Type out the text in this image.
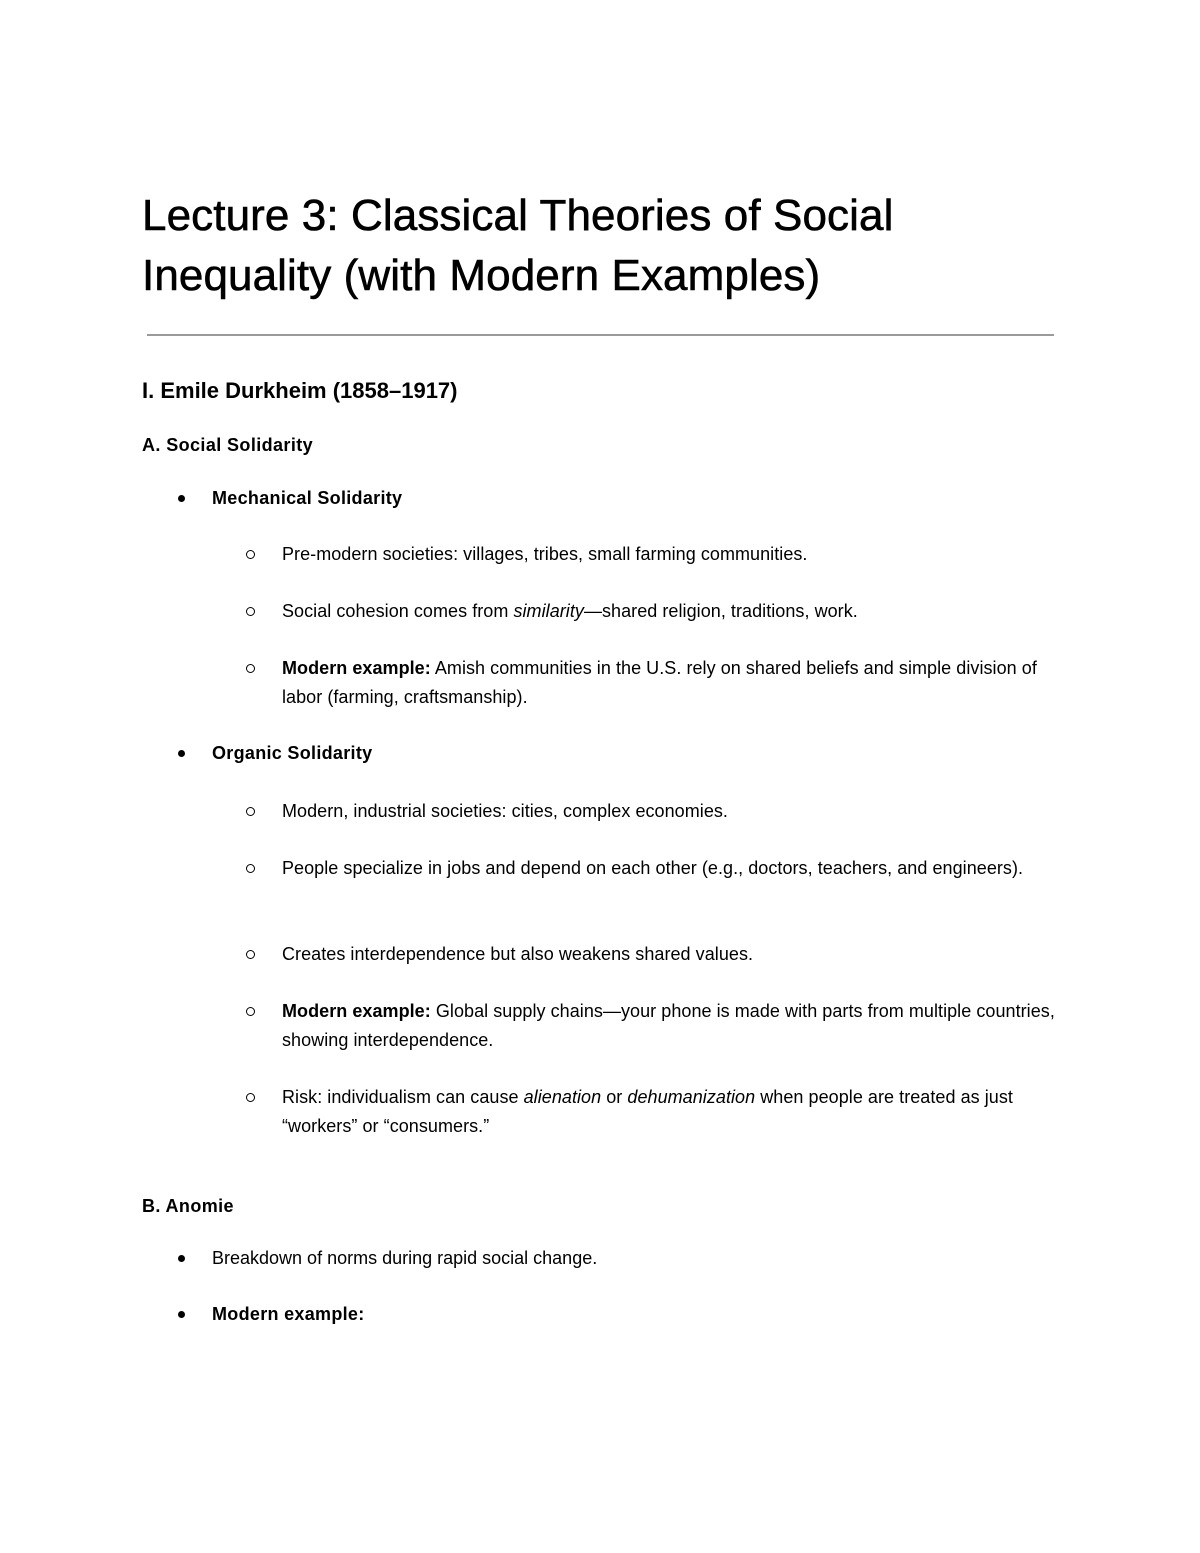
Lecture 3: Classical Theories of Social Inequality (with Modern Examples)
I. Emile Durkheim (1858–1917)
A. Social Solidarity
Mechanical Solidarity
Pre-modern societies: villages, tribes, small farming communities.
Social cohesion comes from similarity—shared religion, traditions, work.
Modern example: Amish communities in the U.S. rely on shared beliefs and simple division of labor (farming, craftsmanship).
Organic Solidarity
Modern, industrial societies: cities, complex economies.
People specialize in jobs and depend on each other (e.g., doctors, teachers, and engineers).
Creates interdependence but also weakens shared values.
Modern example: Global supply chains—your phone is made with parts from multiple countries, showing interdependence.
Risk: individualism can cause alienation or dehumanization when people are treated as just “workers” or “consumers.”
B. Anomie
Breakdown of norms during rapid social change.
Modern example:
